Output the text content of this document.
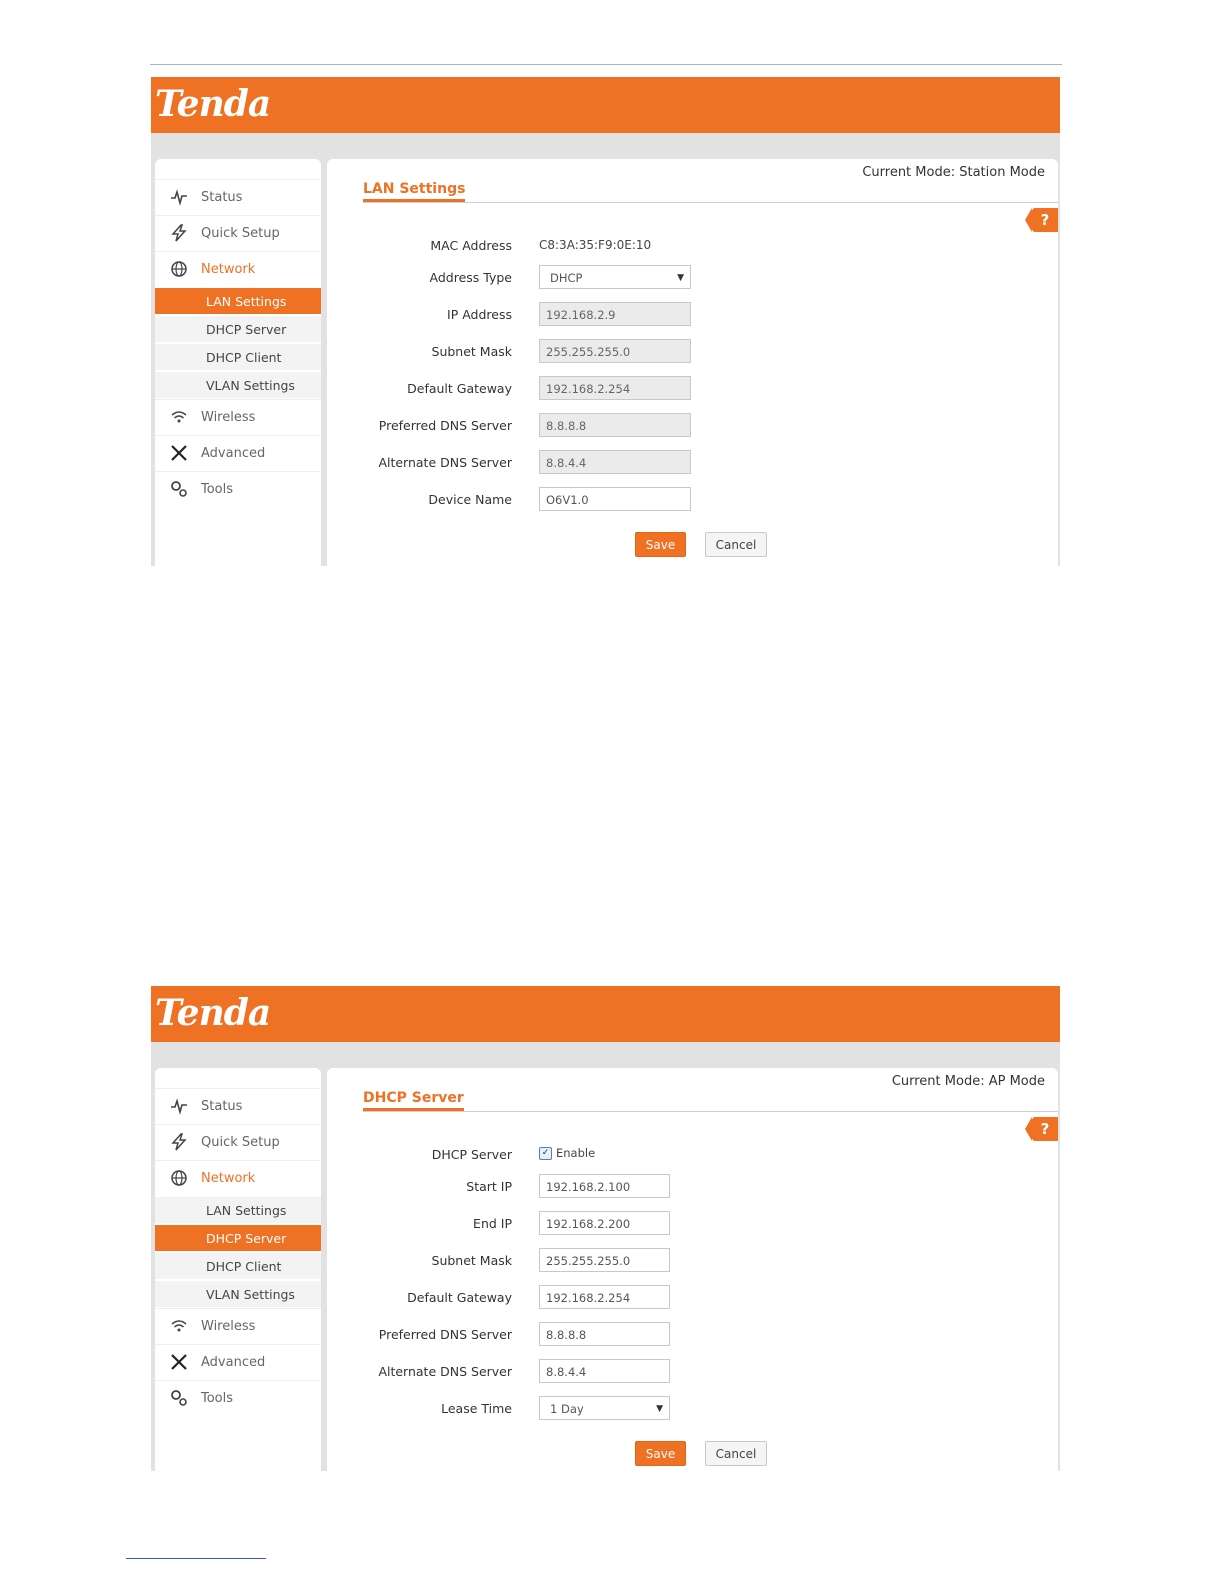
Tenda
Status
Quick Setup
Network
LAN Settings
DHCP Server
DHCP Client
VLAN Settings
Wireless
Advanced
Tools
Current Mode: Station Mode
LAN Settings
?
MAC Address C8:3A:35:F9:0E:10
Address Type	DHCP	▼
IP Address	192.168.2.9
Subnet Mask	255.255.255.0
Default Gateway	192.168.2.254
Preferred DNS Server	8.8.8.8
Alternate DNS Server	8.8.4.4
Device Name	O6V1.0
Save	Cancel
Tenda
Status
Quick Setup
Network
LAN Settings
DHCP Server
DHCP Client
VLAN Settings
Wireless
Advanced
Tools
Current Mode: AP Mode
DHCP Server
?
DHCP Server	✓ Enable
Start IP	192.168.2.100
End IP	192.168.2.200
Subnet Mask	255.255.255.0
Default Gateway	192.168.2.254
Preferred DNS Server	8.8.8.8
Alternate DNS Server	8.8.4.4
Lease Time	1 Day	▼
Save	Cancel
